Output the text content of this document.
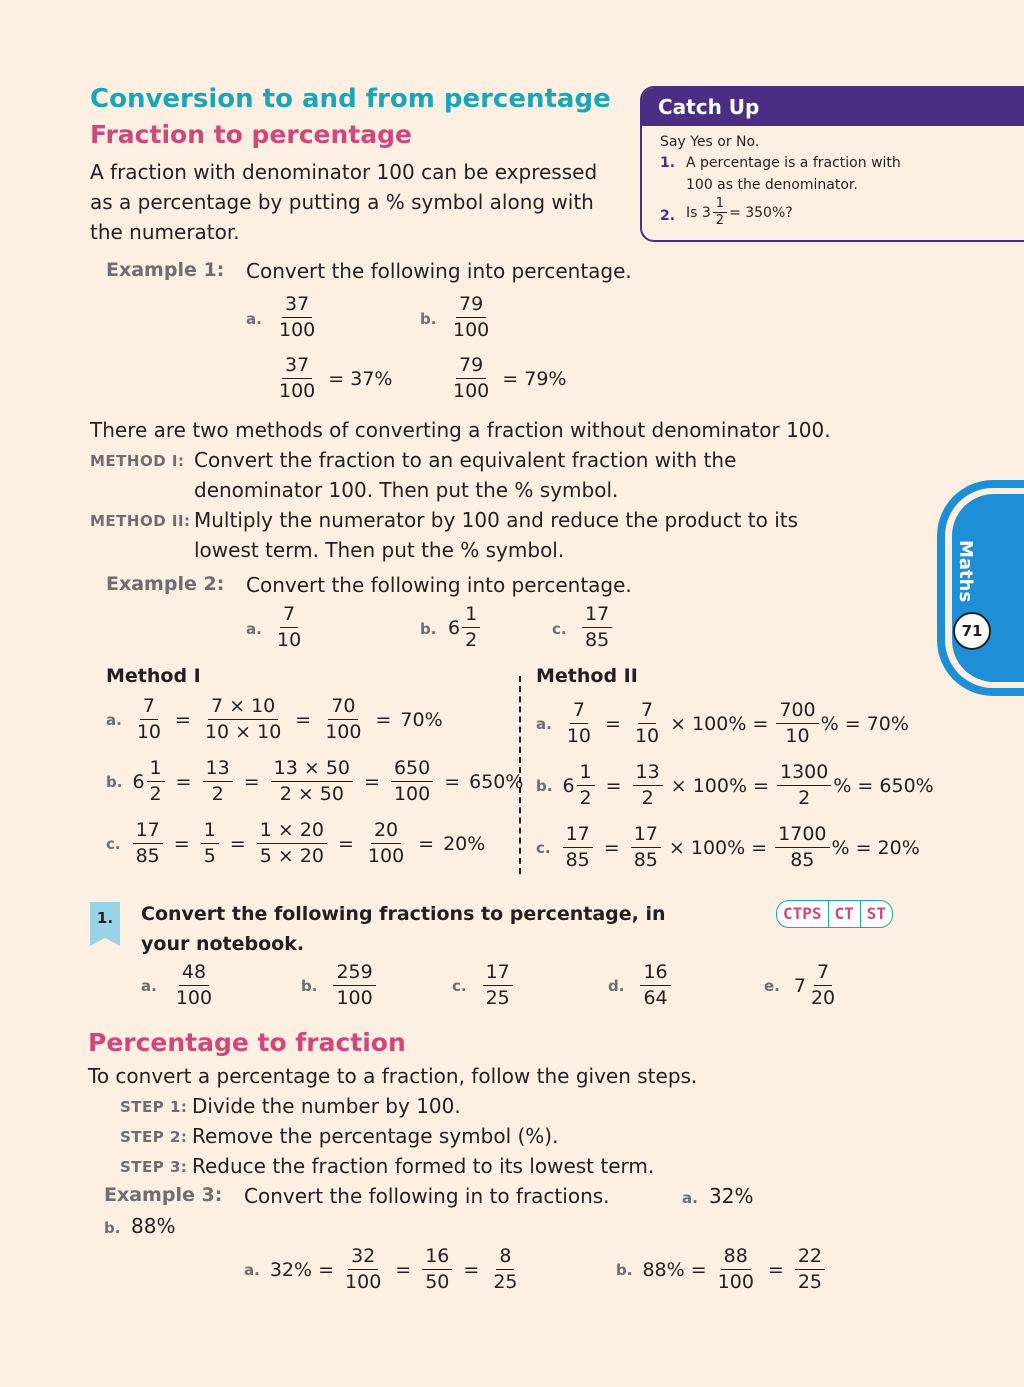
Conversion to and from percentage
Fraction to percentage
A fraction with denominator 100 can be expressed
as a percentage by putting a % symbol along with
the numerator.
Catch Up
Say Yes or No.
1. A percentage is a fraction with
100 as the denominator.
2. Is $3 \frac{1}{2} = 350\%$?
Maths
71
Example 1: Convert the following into percentage.
a. $\frac{37}{100}$	b. $\frac{79}{100}$
$\frac{37}{100} = 37\%$	$\frac{79}{100} = 79\%$
There are two methods of converting a fraction without denominator 100.
METHOD I: Convert the fraction to an equivalent fraction with the
denominator 100. Then put the % symbol.
METHOD II: Multiply the numerator by 100 and reduce the product to its
lowest term. Then put the % symbol.
Example 2: Convert the following into percentage.
a. $\frac{7}{10}$	b. $6 \frac{1}{2}$	c. $\frac{17}{85}$
Method I	Method II
a. $\frac{7}{10} = \frac{7 \times 10}{10 \times 10} = \frac{70}{100} = 70\%$
b. $6 \frac{1}{2} = \frac{13}{2} = \frac{13 \times 50}{2 \times 50} = \frac{650}{100} = 650\%$
c. $\frac{17}{85} = \frac{1}{5} = \frac{1 \times 20}{5 \times 20} = \frac{20}{100} = 20\%$
a. $\frac{7}{10} = \frac{7}{10} \times 100\% = \frac{700}{10}$ % = 70%
b. $6 \frac{1}{2} = \frac{13}{2} \times 100\% = \frac{1300}{2}$ % = 650%
c. $\frac{17}{85} = \frac{17}{85} \times 100\% = \frac{1700}{85}$ % = 20%
1.	Convert the following fractions to percentage, in
your notebook.
CTPS CT ST
a. $\frac{48}{100}$	b. $\frac{259}{100}$	c. $\frac{17}{25}$	d. $\frac{16}{64}$	e. $7 \frac{7}{20}$
Percentage to fraction
To convert a percentage to a fraction, follow the given steps.
STEP 1: Divide the number by 100.
STEP 2: Remove the percentage symbol (%).
STEP 3: Reduce the fraction formed to its lowest term.
Example 3: Convert the following in to fractions.	a. 32%
b. 88%
a. $32\% = \frac{32}{100} = \frac{16}{50} = \frac{8}{25}$	b. $88\% = \frac{88}{100} = \frac{22}{25}$
